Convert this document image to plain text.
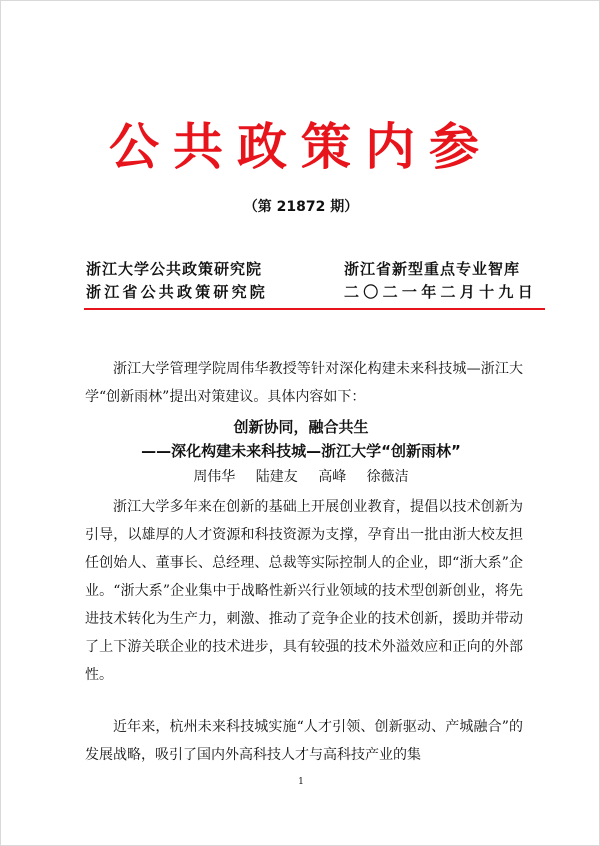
公共政策内参
（第 21872 期）
浙江大学公共政策研究院	浙江省新型重点专业智库
浙江省公共政策研究院	二〇二一年二月十九日

浙江大学管理学院周伟华教授等针对深化构建未来科技城—浙江大学“创新雨林”提出对策建议。具体内容如下：

创新协同，融合共生
——深化构建未来科技城—浙江大学“创新雨林”
周伟华 陆建友 高峰 徐薇洁

浙江大学多年来在创新的基础上开展创业教育，提倡以技术创新为引导，以雄厚的人才资源和科技资源为支撑，孕育出一批由浙大校友担任创始人、董事长、总经理、总裁等实际控制人的企业，即“浙大系”企业。“浙大系”企业集中于战略性新兴行业领域的技术型创新创业，将先进技术转化为生产力，刺激、推动了竞争企业的技术创新，援助并带动了上下游关联企业的技术进步，具有较强的技术外溢效应和正向的外部性。

近年来，杭州未来科技城实施“人才引领、创新驱动、产城融合”的发展战略，吸引了国内外高科技人才与高科技产业的集

1
